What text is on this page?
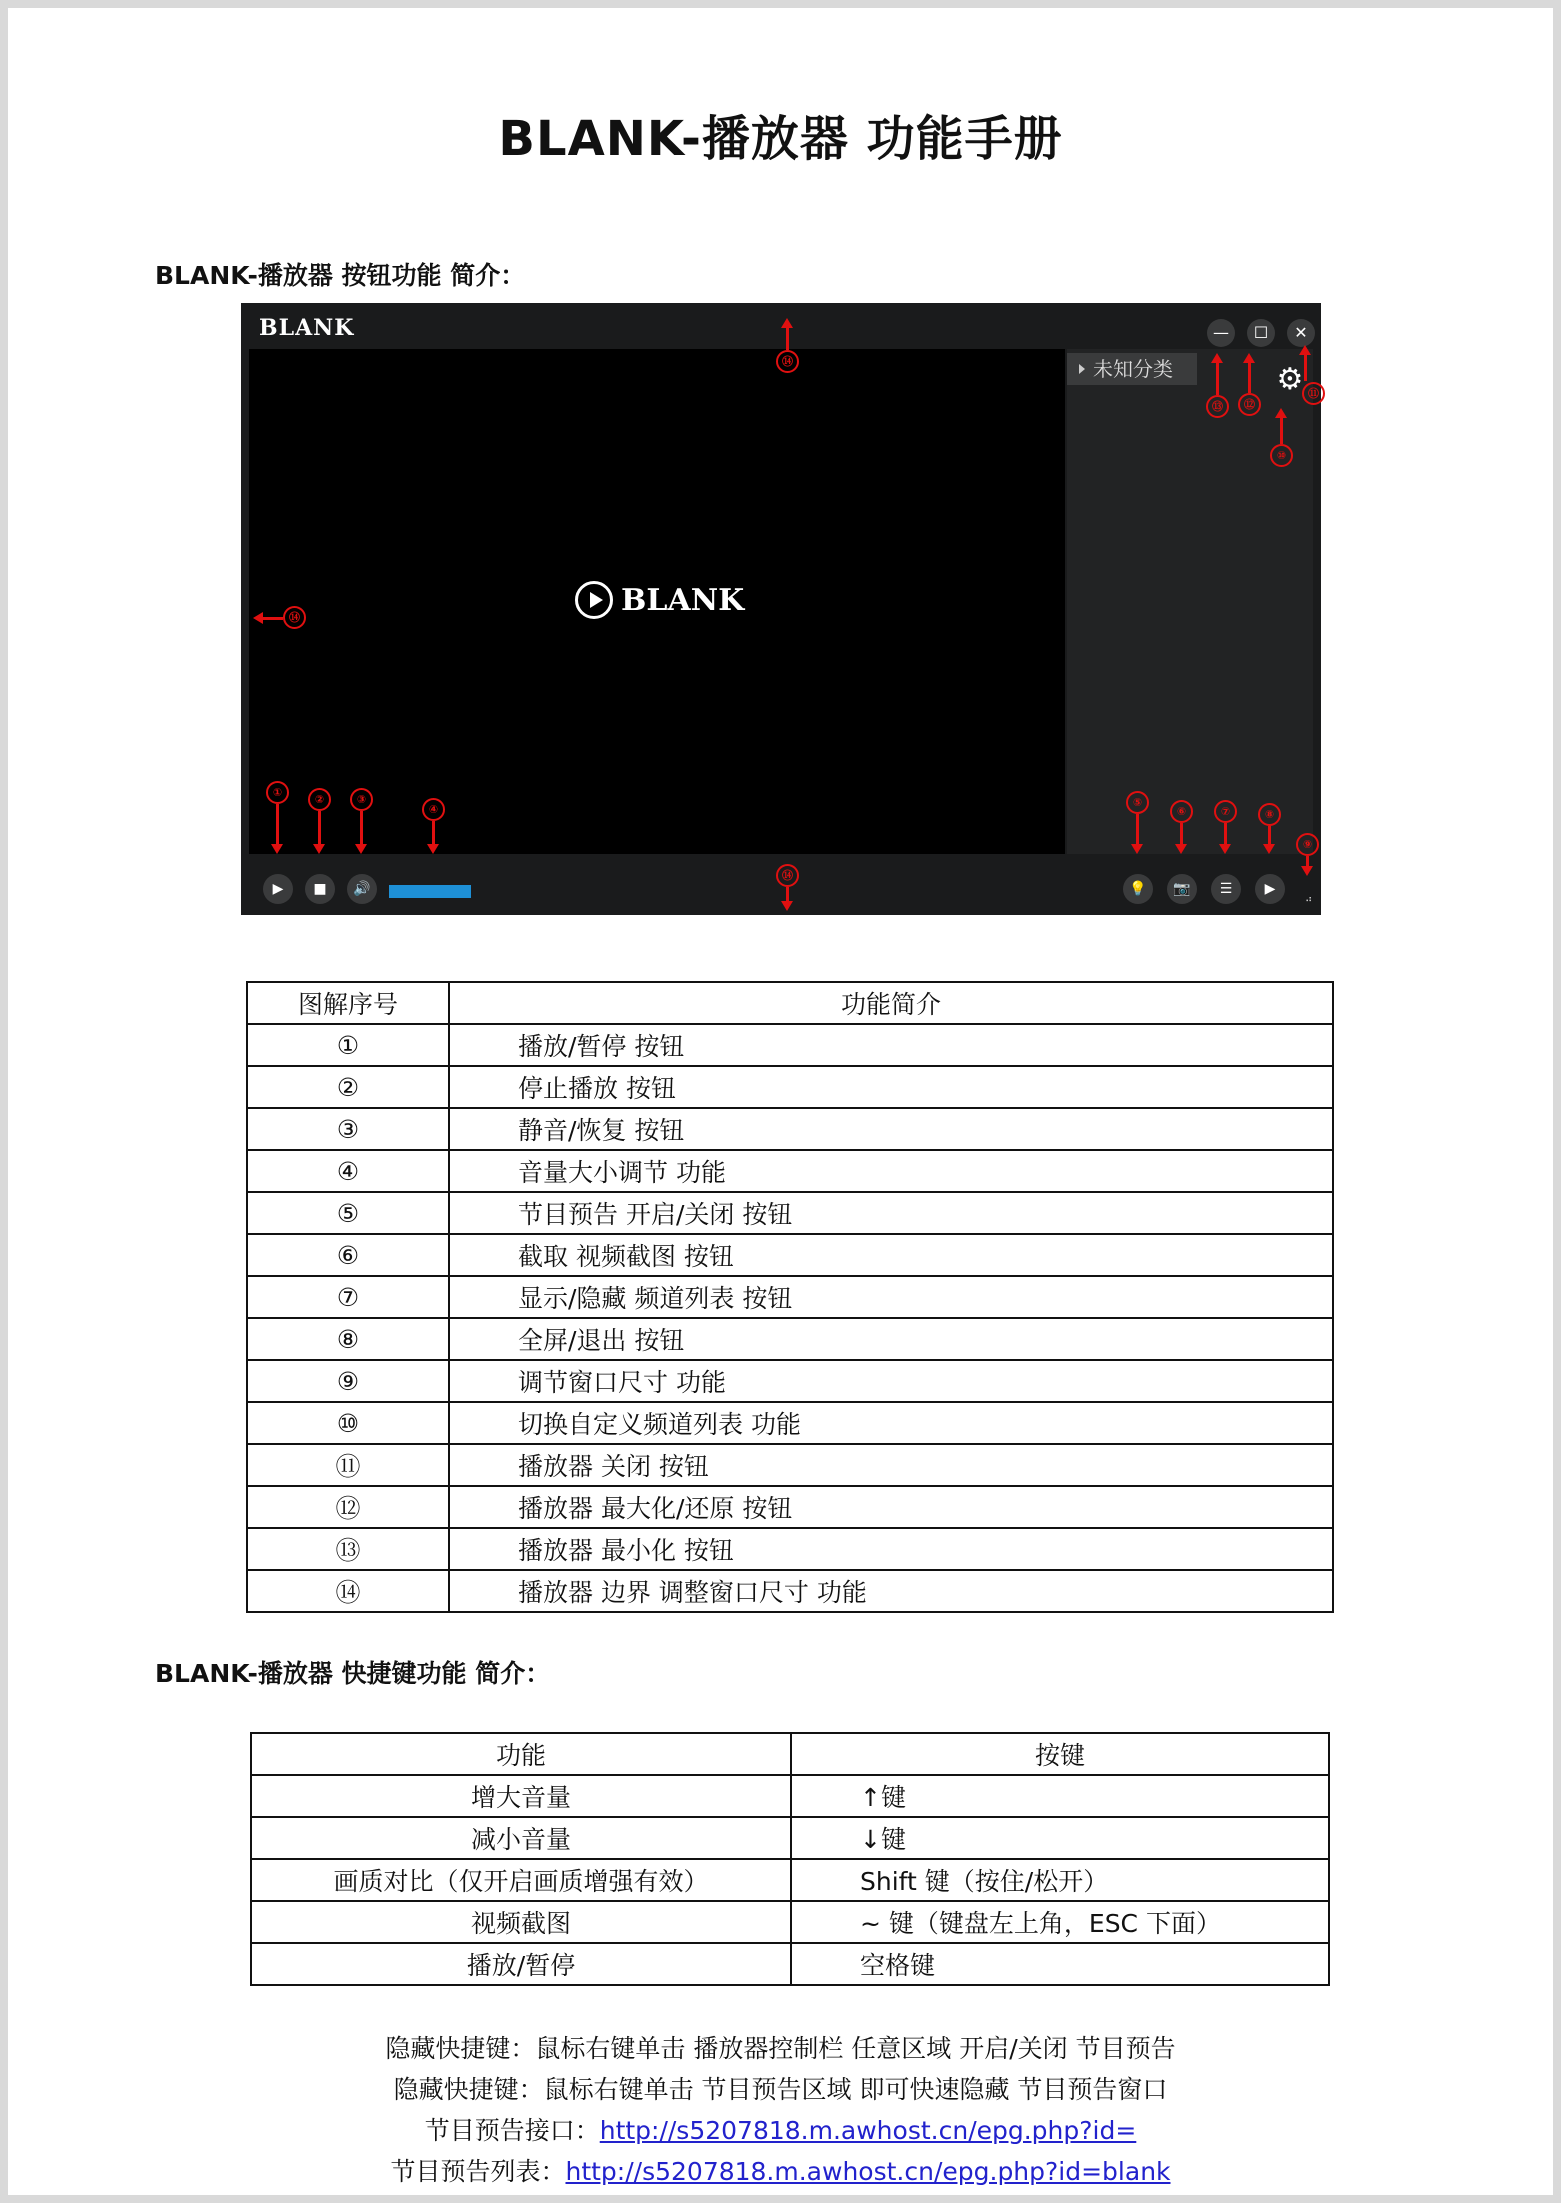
BLANK-播放器 功能手册
BLANK-播放器 按钮功能 简介：
BLANK	—	☐	✕
BLANK
未知分类	⚙
▶	■	🔊	💡	📷	☰	▶
⠴
①
②	③
④
⑤
⑥	⑦	⑧
⑨
⑩
⑪
⑫
⑬
⑭
⑭
⑭
图解序号	功能简介
①	播放/暂停 按钮
②	停止播放 按钮
③	静音/恢复 按钮
④	音量大小调节 功能
⑤	节目预告 开启/关闭 按钮
⑥	截取 视频截图 按钮
⑦	显示/隐藏 频道列表 按钮
⑧	全屏/退出 按钮
⑨	调节窗口尺寸 功能
⑩	切换自定义频道列表 功能
⑪	播放器 关闭 按钮
⑫	播放器 最大化/还原 按钮
⑬	播放器 最小化 按钮
⑭	播放器 边界 调整窗口尺寸 功能
BLANK-播放器 快捷键功能 简介：
功能	按键
增大音量	↑键
减小音量	↓键
画质对比（仅开启画质增强有效）	Shift 键（按住/松开）
视频截图	~ 键（键盘左上角，ESC 下面）
播放/暂停	空格键
隐藏快捷键：鼠标右键单击 播放器控制栏 任意区域 开启/关闭 节目预告
隐藏快捷键：鼠标右键单击 节目预告区域 即可快速隐藏 节目预告窗口
节目预告接口：http://s5207818.m.awhost.cn/epg.php?id=
节目预告列表：http://s5207818.m.awhost.cn/epg.php?id=blank
